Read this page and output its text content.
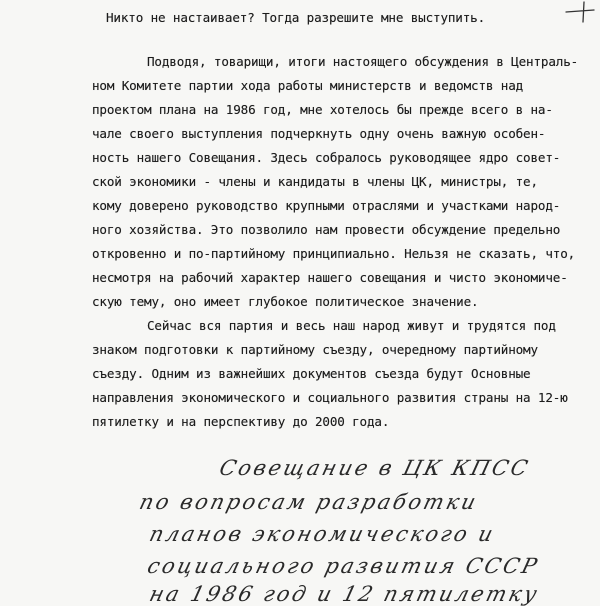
Никто не настаивает? Тогда разрешите мне выступить.
Подводя, товарищи, итоги настоящего обсуждения в Централь-
ном Комитете партии хода работы министерств и ведомств над
проектом плана на 1986 год, мне хотелось бы прежде всего в на-
чале своего выступления подчеркнуть одну очень важную особен-
ность нашего Совещания. Здесь собралось руководящее ядро совет-
ской экономики - члены и кандидаты в члены ЦК, министры, те,
кому доверено руководство крупными отраслями и участками народ-
ного хозяйства. Это позволило нам провести обсуждение предельно
откровенно и по-партийному принципиально. Нельзя не сказать, что,
несмотря на рабочий характер нашего совещания и чисто экономиче-
скую тему, оно имеет глубокое политическое значение.
Сейчас вся партия и весь наш народ живут и трудятся под
знаком подготовки к партийному съезду, очередному партийному
съезду. Одним из важнейших документов съезда будут Основные
направления экономического и социального развития страны на 12-ю
пятилетку и на перспективу до 2000 года.
Совещание в ЦК КПСС
по вопросам разработки
планов экономического и
социального развития СССР
на 1986 год и 12 пятилетку
